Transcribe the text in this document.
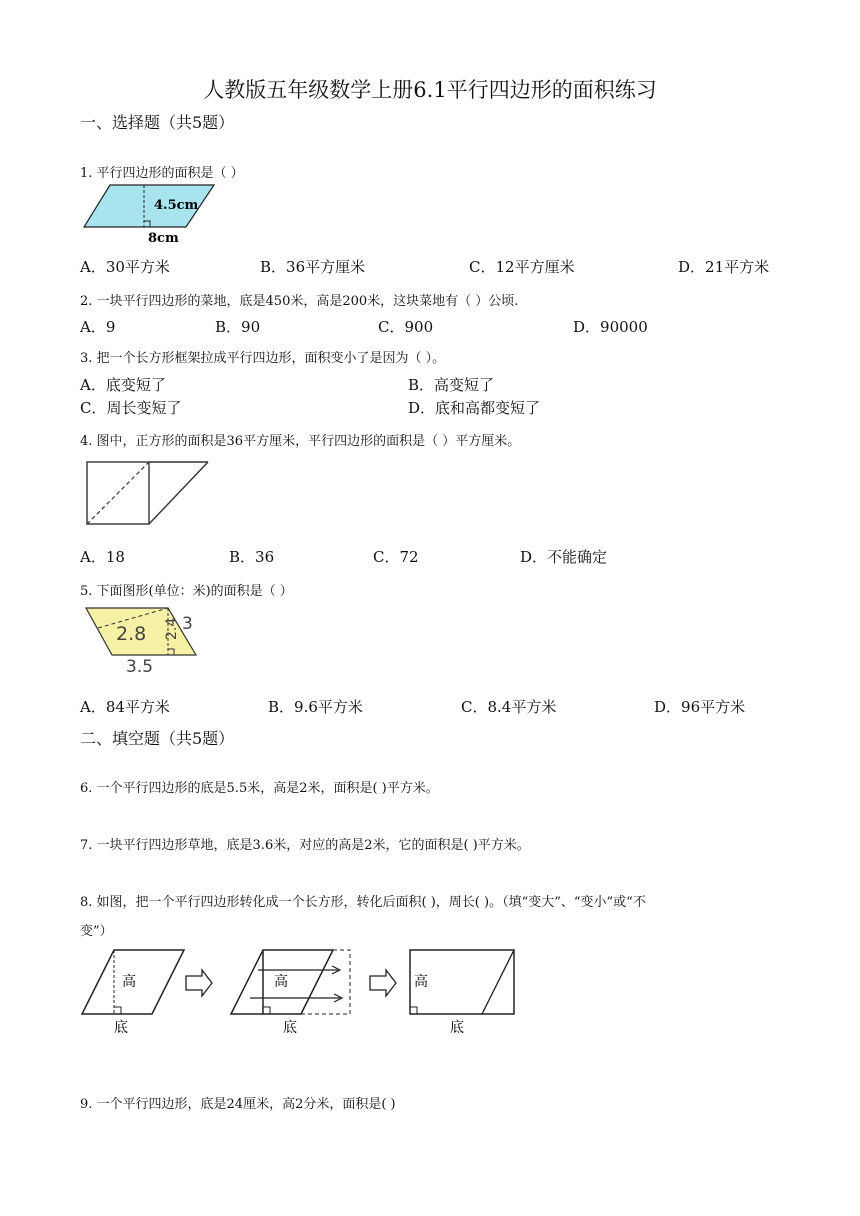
人教版五年级数学上册6.1平行四边形的面积练习
一、选择题（共5题）
1. 平行四边形的面积是（ ）
4.5cm
8cm
A．30平方米	B．36平方厘米	C．12平方厘米	D．21平方米
2. 一块平行四边形的菜地，底是450米，高是200米，这块菜地有（ ）公顷.
A．9	B．90	C．900	D．90000
3. 把一个长方形框架拉成平行四边形，面积变小了是因为（ ）。
A．底变短了	B．高变短了
C．周长变短了	D．底和高都变短了
4. 图中，正方形的面积是36平方厘米，平行四边形的面积是（ ）平方厘米。
A．18	B．36	C．72	D．不能确定
5. 下面图形(单位：米)的面积是（ ）
2.8 2.4 3
3.5
A．84平方米	B．9.6平方米	C．8.4平方米	D．96平方米
二、填空题（共5题）
6. 一个平行四边形的底是5.5米，高是2米，面积是( )平方米。
7. 一块平行四边形草地，底是3.6米，对应的高是2米，它的面积是( )平方米。
8. 如图，把一个平行四边形转化成一个长方形，转化后面积( )，周长( )。（填“变大”、“变小”或“不
变”）
高
底
高
底
高
底
9. 一个平行四边形，底是24厘米，高2分米，面积是( )
